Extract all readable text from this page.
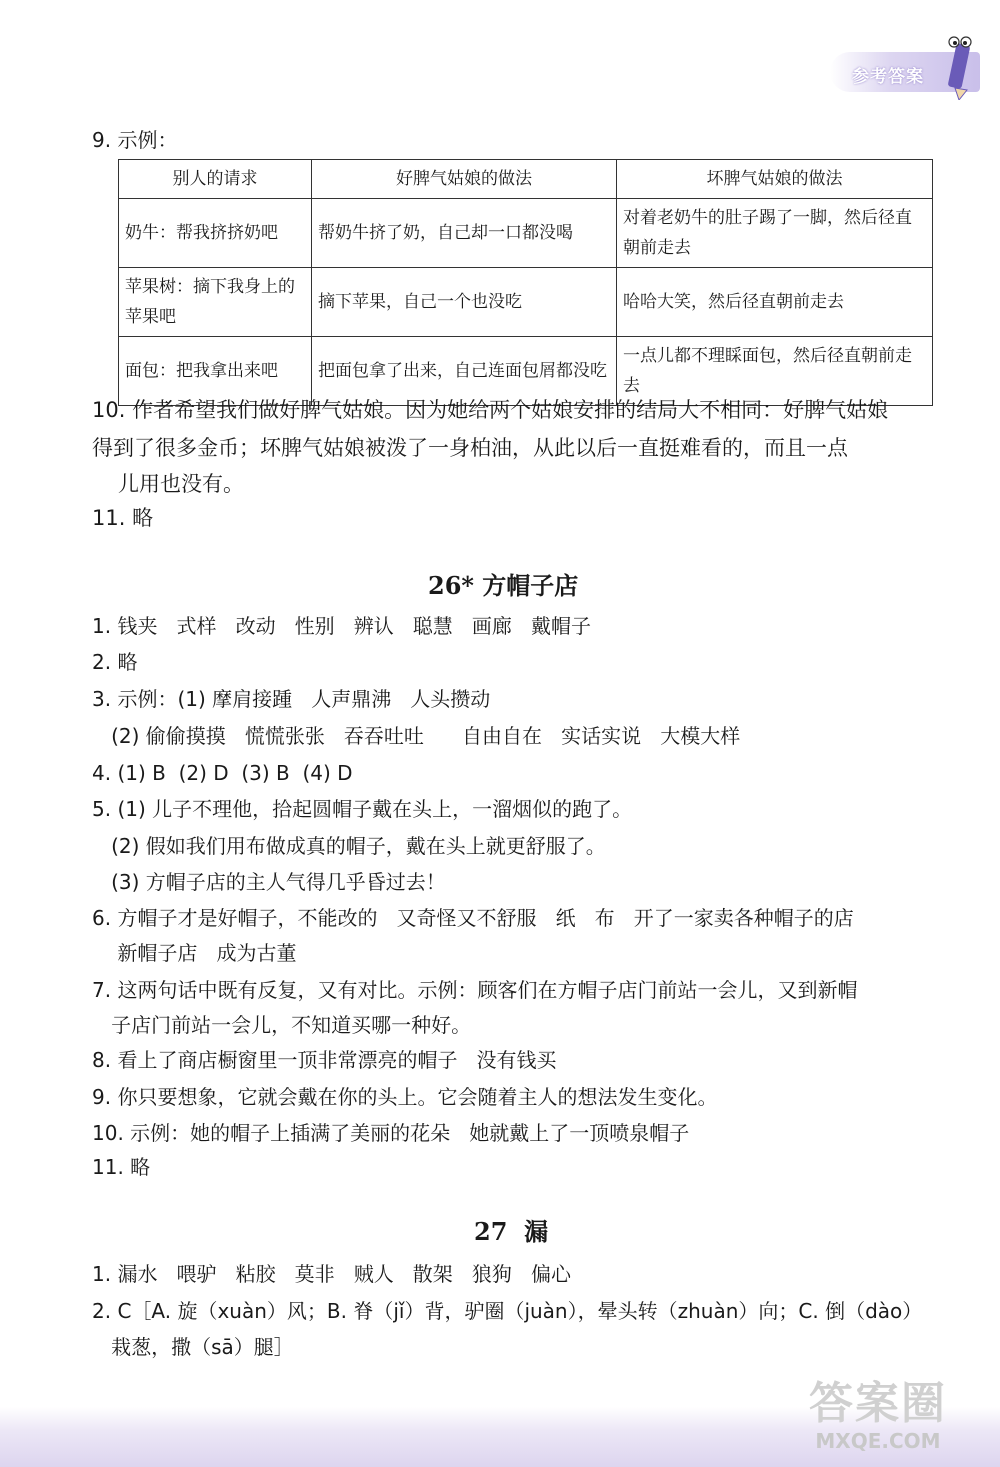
参考答案
9. 示例：
别人的请求	好脾气姑娘的做法	坏脾气姑娘的做法
奶牛：帮我挤挤奶吧	帮奶牛挤了奶，自己却一口都没喝	对着老奶牛的肚子踢了一脚，然后径直朝前走去
苹果树：摘下我身上的苹果吧	摘下苹果，自己一个也没吃	哈哈大笑，然后径直朝前走去
面包：把我拿出来吧	把面包拿了出来，自己连面包屑都没吃	一点儿都不理睬面包，然后径直朝前走去
10. 作者希望我们做好脾气姑娘。因为她给两个姑娘安排的结局大不相同：好脾气姑娘
得到了很多金币；坏脾气姑娘被泼了一身柏油，从此以后一直挺难看的，而且一点
儿用也没有。
11. 略
26* 方帽子店
1. 钱夹   式样   改动   性别   辨认   聪慧   画廊   戴帽子
2. 略
3. 示例：(1) 摩肩接踵   人声鼎沸   人头攒动
(2) 偷偷摸摸   慌慌张张   吞吞吐吐      自由自在   实话实说   大模大样
4. (1) B  (2) D  (3) B  (4) D
5. (1) 儿子不理他，拾起圆帽子戴在头上，一溜烟似的跑了。
(2) 假如我们用布做成真的帽子，戴在头上就更舒服了。
(3) 方帽子店的主人气得几乎昏过去！
6. 方帽子才是好帽子，不能改的   又奇怪又不舒服   纸   布   开了一家卖各种帽子的店
新帽子店   成为古董
7. 这两句话中既有反复，又有对比。示例：顾客们在方帽子店门前站一会儿，又到新帽
子店门前站一会儿，不知道买哪一种好。
8. 看上了商店橱窗里一顶非常漂亮的帽子   没有钱买
9. 你只要想象，它就会戴在你的头上。它会随着主人的想法发生变化。
10. 示例：她的帽子上插满了美丽的花朵   她就戴上了一顶喷泉帽子
11. 略
27  漏
1. 漏水   喂驴   粘胶   莫非   贼人   散架   狼狗   偏心
2. C［A. 旋（xuàn）风；B. 脊（jǐ）背，驴圈（juàn），晕头转（zhuàn）向；C. 倒（dào）
栽葱，撒（sā）腿］
答案圈
MXQE.COM
